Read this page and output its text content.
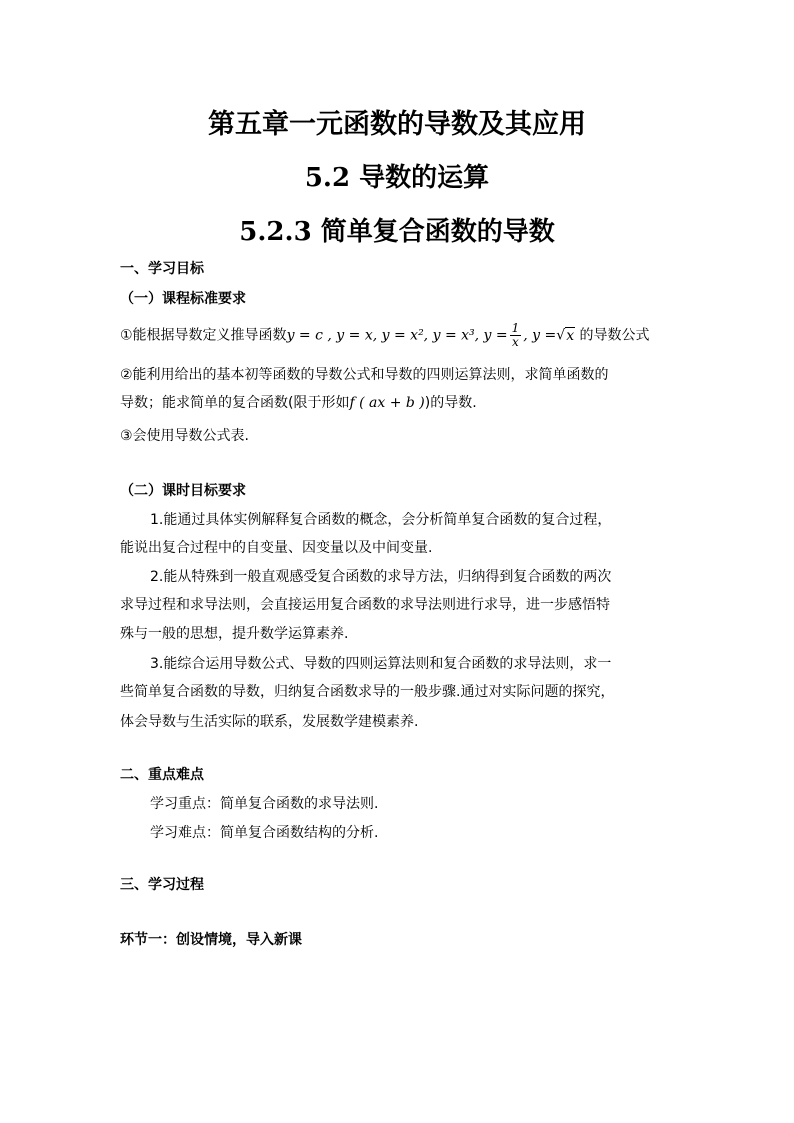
第五章一元函数的导数及其应用
5.2 导数的运算
5.2.3 简单复合函数的导数
一、学习目标
（一）课程标准要求
①能根据导数定义推导函数y = c , y = x, y = x², y = x³, $y = \frac{1}{x}$ , y =√x 的导数公式
②能利用给出的基本初等函数的导数公式和导数的四则运算法则，求简单函数的
导数；能求简单的复合函数(限于形如f ( ax + b ))的导数.
③会使用导数公式表.
（二）课时目标要求
1.能通过具体实例解释复合函数的概念，会分析简单复合函数的复合过程，
能说出复合过程中的自变量、因变量以及中间变量.
2.能从特殊到一般直观感受复合函数的求导方法，归纳得到复合函数的两次
求导过程和求导法则，会直接运用复合函数的求导法则进行求导，进一步感悟特
殊与一般的思想，提升数学运算素养.
3.能综合运用导数公式、导数的四则运算法则和复合函数的求导法则，求一
些简单复合函数的导数，归纳复合函数求导的一般步骤.通过对实际问题的探究，
体会导数与生活实际的联系，发展数学建模素养.
二、重点难点
学习重点：简单复合函数的求导法则.
学习难点：简单复合函数结构的分析.
三、学习过程
环节一：创设情境，导入新课
